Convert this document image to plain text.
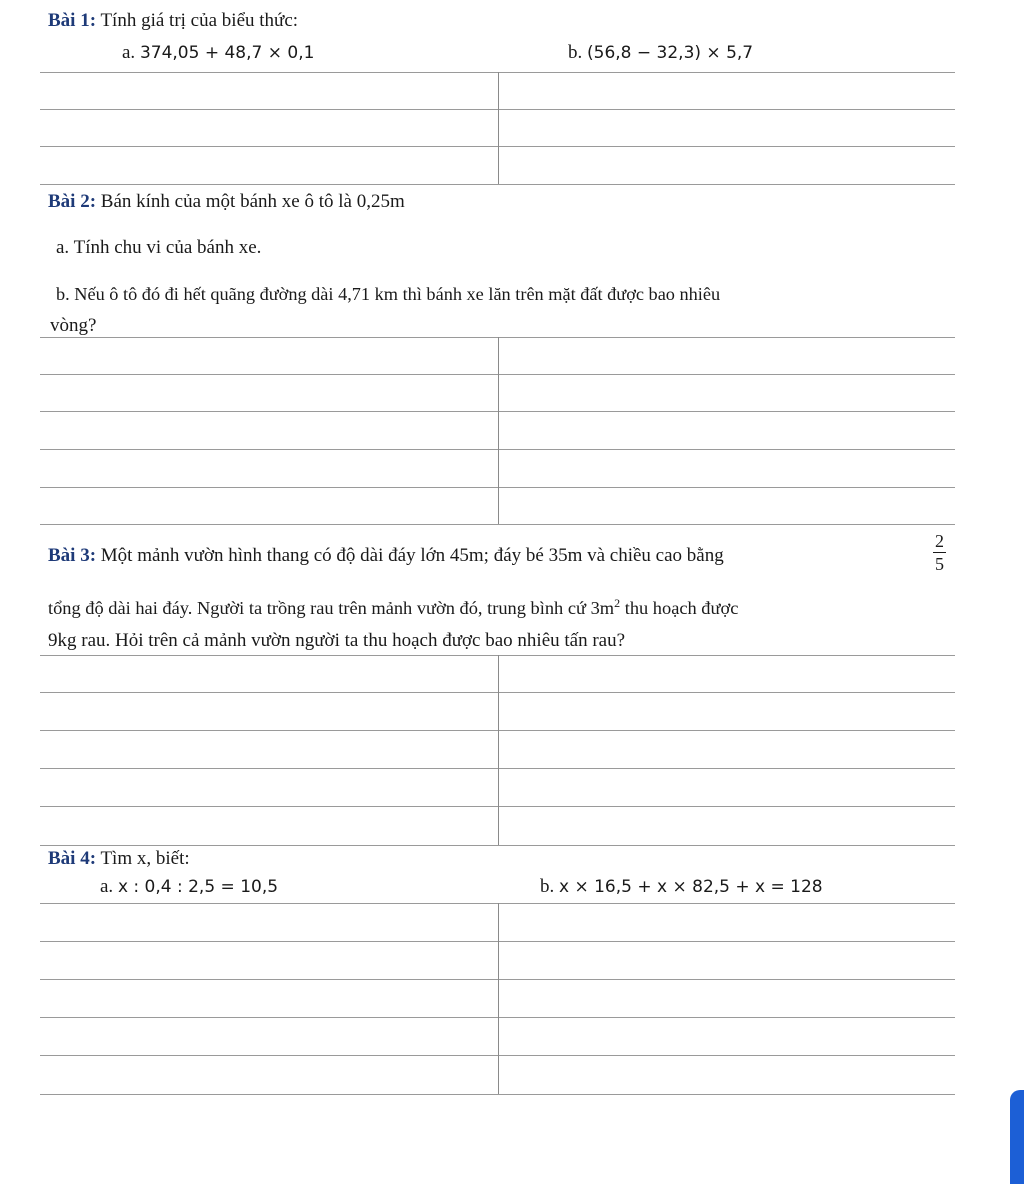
Bài 1: Tính giá trị của biểu thức:
a. 374,05 + 48,7 × 0,1	b. (56,8 − 32,3) × 5,7
Bài 2: Bán kính của một bánh xe ô tô là 0,25m
a. Tính chu vi của bánh xe.
b. Nếu ô tô đó đi hết quãng đường dài 4,71 km thì bánh xe lăn trên mặt đất được bao nhiêu
vòng?
Bài 3: Một mảnh vườn hình thang có độ dài đáy lớn 45m; đáy bé 35m và chiều cao bằng	$\frac{2}{5}$
tổng độ dài hai đáy. Người ta trồng rau trên mảnh vườn đó, trung bình cứ $3m^2$ thu hoạch được
9kg rau. Hỏi trên cả mảnh vườn người ta thu hoạch được bao nhiêu tấn rau?
Bài 4: Tìm x, biết:
a. x : 0,4 : 2,5 = 10,5	b. x × 16,5 + x × 82,5 + x = 128
